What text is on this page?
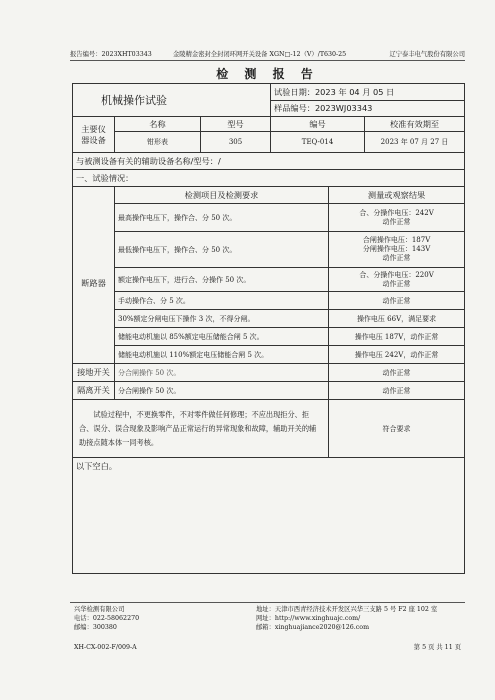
报告编号：2023XHT03343	金陵精金密封全封闭环网开关设备 XGN□-12（V）/T630-25	辽宁泰丰电气股份有限公司
检 测 报 告
机械操作试验			试验日期：2023 年 04 月 05 日		
			样品编号：2023WJ03343		
主要仪器设备	名称	型号	编号		校准有效期至
	钳形表	305	TEQ-014		2023 年 07 月 27 日
与被测设备有关的辅助设备名称/型号：/					
一、试验情况：					
	检测项目及检测要求			测量或观察结果	
断路器	最高操作电压下，操作合、分 50 次。			合、分操作电压：242V
动作正常	

	最低操作电压下，操作合、分 50 次。			合闸操作电压：187V
分闸操作电压：143V
动作正常	

	额定操作电压下，进行合、分操作 50 次。			合、分操作电压：220V
动作正常	

	手动操作合、分 5 次。			动作正常	
	30%额定分闸电压下操作 3 次，不得分闸。			操作电压 66V，满足要求	
	储能电动机施以 85%额定电压储能合闸 5 次。			操作电压 187V，动作正常	
	储能电动机施以 110%额定电压储能合闸 5 次。			操作电压 242V，动作正常	
接地开关	分合闸操作 50 次。			动作正常	
隔离开关	分合闸操作 50 次。			动作正常	

试验过程中，不更换零件，不对零件做任何修理；不应出现拒分、拒合、误分、误合现象及影响产品正常运行的异常现象和故障，辅助开关的辅助接点随本体一同考核。				符合要求	
以下空白。					
兴华检测有限公司
电话：022-58062270
邮编：300380
地址：天津市西青经济技术开发区兴华三支路 5 号 F2 座 102 室
网址：http://www.xinghuajc.com/
邮箱：xinghuajiance2020@126.com
XH-CX-002-F/009-A	第 5 页 共 11 页
